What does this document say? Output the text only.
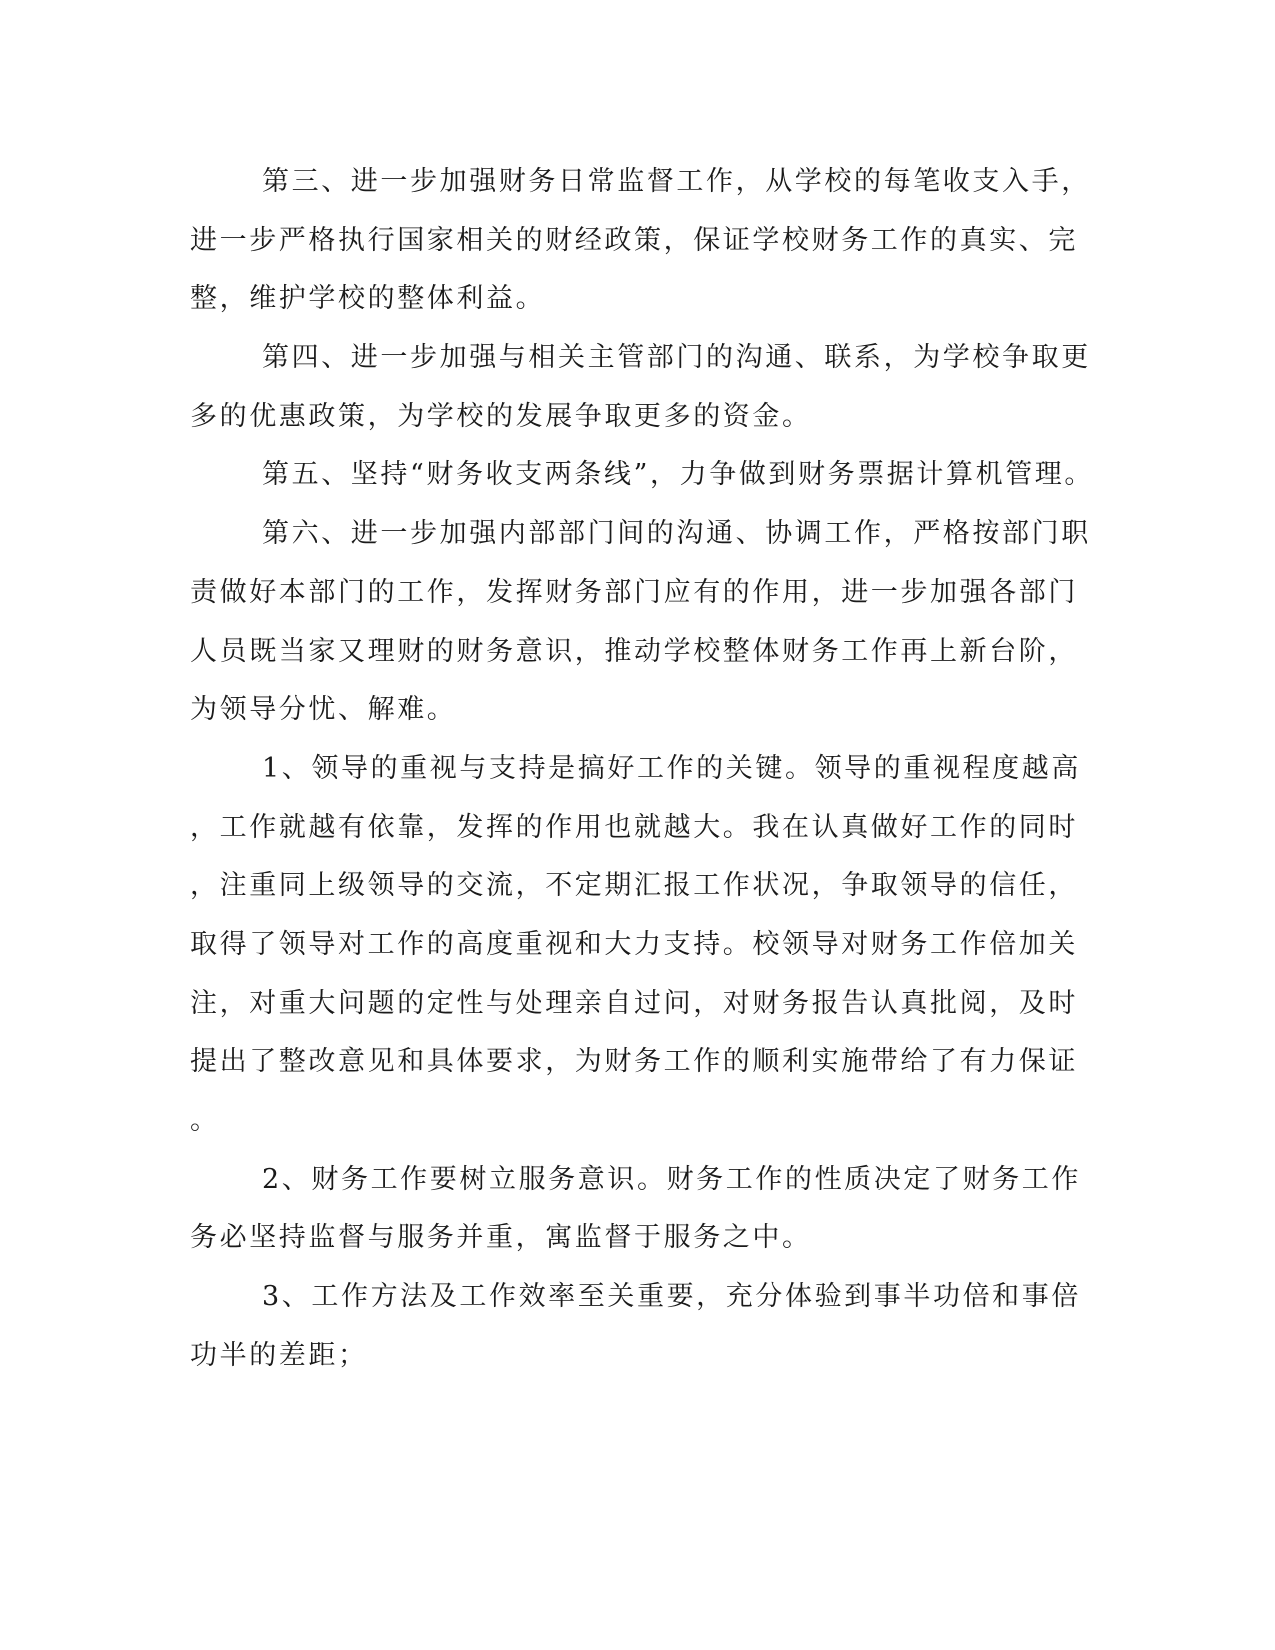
第三、进一步加强财务日常监督工作，从学校的每笔收支入手，
进一步严格执行国家相关的财经政策，保证学校财务工作的真实、完
整，维护学校的整体利益。
第四、进一步加强与相关主管部门的沟通、联系，为学校争取更
多的优惠政策，为学校的发展争取更多的资金。
第五、坚持“财务收支两条线”，力争做到财务票据计算机管理。
第六、进一步加强内部部门间的沟通、协调工作，严格按部门职
责做好本部门的工作，发挥财务部门应有的作用，进一步加强各部门
人员既当家又理财的财务意识，推动学校整体财务工作再上新台阶，
为领导分忧、解难。
1、领导的重视与支持是搞好工作的关键。领导的重视程度越高
，工作就越有依靠，发挥的作用也就越大。我在认真做好工作的同时
，注重同上级领导的交流，不定期汇报工作状况，争取领导的信任，
取得了领导对工作的高度重视和大力支持。校领导对财务工作倍加关
注，对重大问题的定性与处理亲自过问，对财务报告认真批阅，及时
提出了整改意见和具体要求，为财务工作的顺利实施带给了有力保证
。
2、财务工作要树立服务意识。财务工作的性质决定了财务工作
务必坚持监督与服务并重，寓监督于服务之中。
3、工作方法及工作效率至关重要，充分体验到事半功倍和事倍
功半的差距；
